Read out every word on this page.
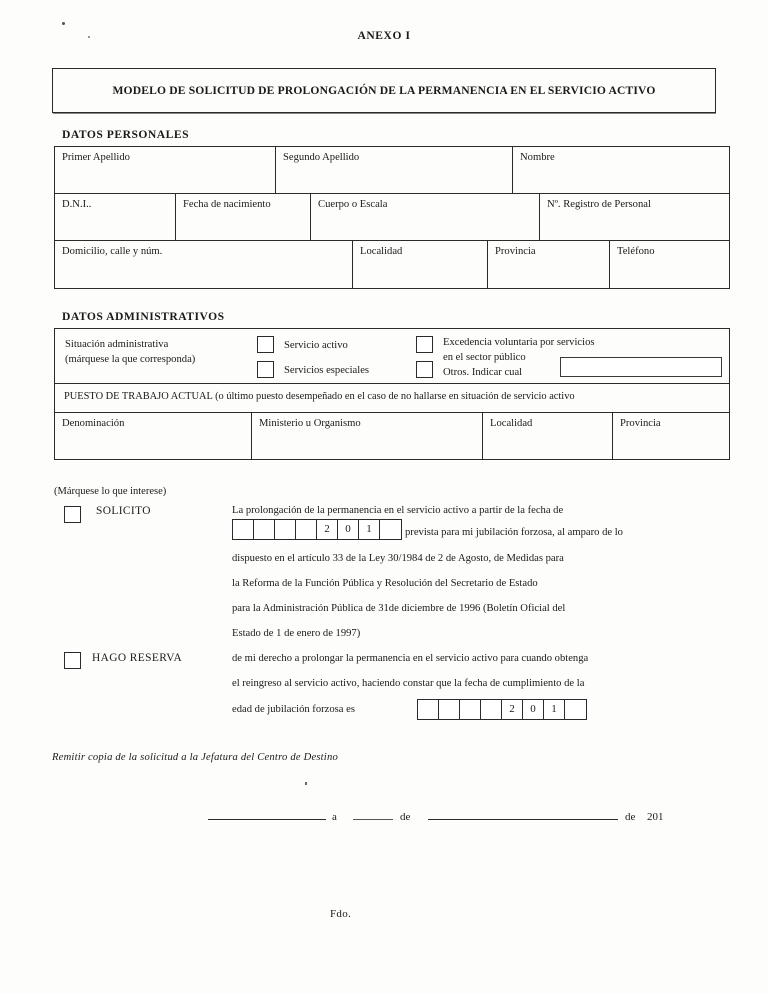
ANEXO I
MODELO DE SOLICITUD DE PROLONGACIÓN DE LA PERMANENCIA EN EL SERVICIO ACTIVO
DATOS PERSONALES
Primer Apellido	Segundo Apellido	Nombre
D.N.I..	Fecha de nacimiento	Cuerpo o Escala	Nº. Registro de Personal
Domicilio, calle y núm.	Localidad	Provincia	Teléfono
DATOS ADMINISTRATIVOS
Situación administrativa
(márquese la que corresponda)
Servicio activo
Servicios especiales
Excedencia voluntaria por servicios
en el sector público
Otros. Indicar cual
PUESTO DE TRABAJO ACTUAL (o último puesto desempeñado en el caso de no hallarse en situación de servicio activo
Denominación	Ministerio u Organismo	Localidad	Provincia
(Márquese lo que interese)
SOLICITO	La prolongación de la permanencia en el servicio activo a partir de la fecha de
2	0	1	prevista para mi jubilación forzosa, al amparo de lo
dispuesto en el artículo 33 de la Ley 30/1984 de 2 de Agosto, de Medidas para
la Reforma de la Función Pública y Resolución del Secretario de Estado
para la Administración Pública de 31de diciembre de 1996 (Boletín Oficial del
Estado de 1 de enero de 1997)
HAGO RESERVA	de mi derecho a prolongar la permanencia en el servicio activo para cuando obtenga
el reingreso al servicio activo, haciendo constar que la fecha de cumplimiento de la
edad de jubilación forzosa es	2	0	1
Remitir copia de la solicitud a la Jefatura del Centro de Destino
a	de	de 201
Fdo.
